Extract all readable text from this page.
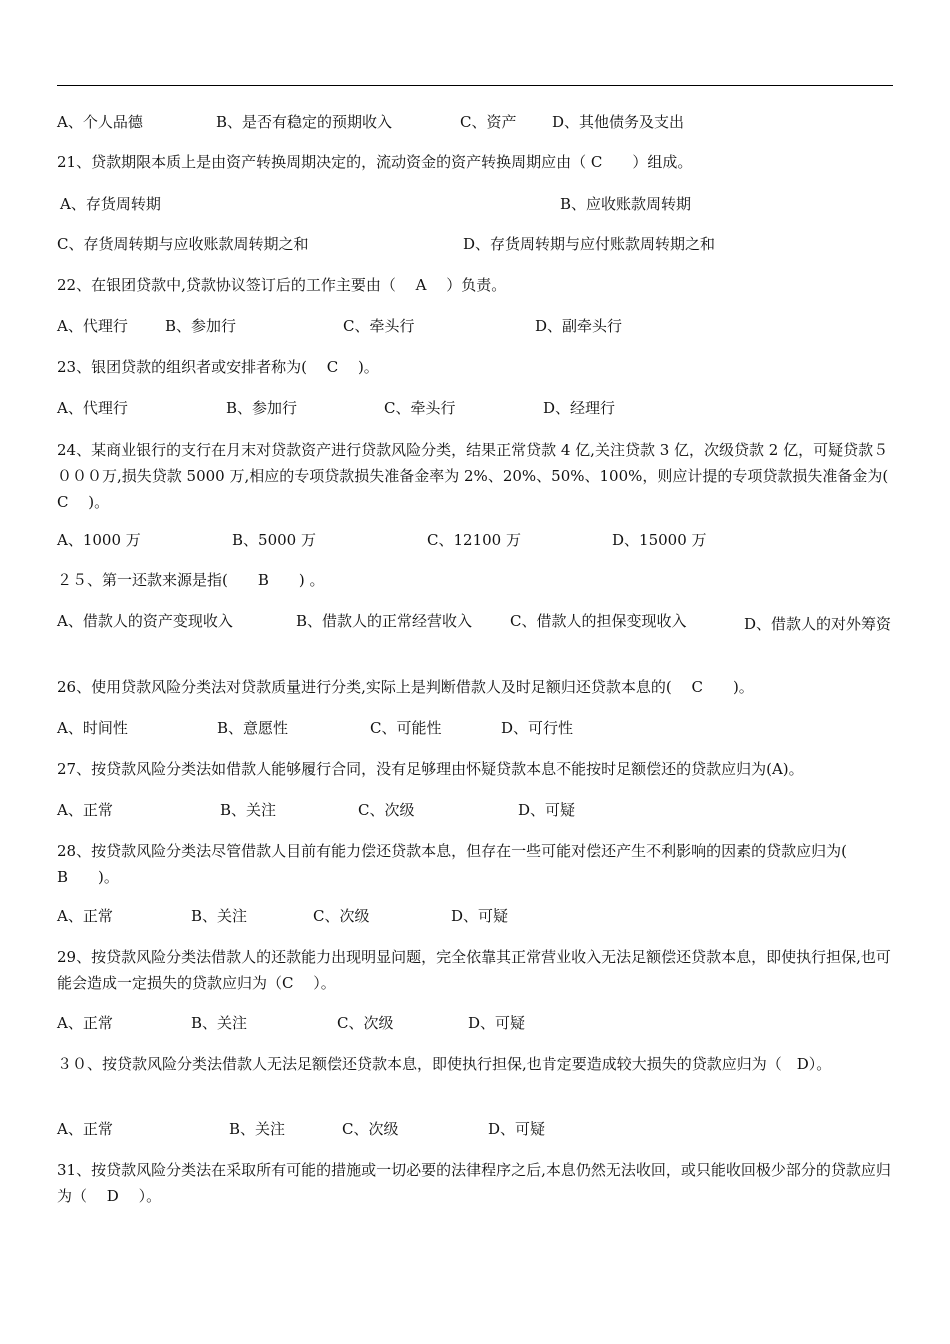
A、个人品德	B、是否有稳定的预期收入	C、资产 D、其他债务及支出
21、贷款期限本质上是由资产转换周期决定的，流动资金的资产转换周期应由（ C　　）组成。
A、存货周转期	B、应收账款周转期
C、存货周转期与应收账款周转期之和	D、存货周转期与应付账款周转期之和
22、在银团贷款中,贷款协议签订后的工作主要由（　 A　 ）负责。
A、代理行 B、参加行	C、牵头行	D、副牵头行
23、银团贷款的组织者或安排者称为(　 C　 )。
A、代理行	B、参加行	C、牵头行	D、经理行
24、某商业银行的支行在月末对贷款资产进行贷款风险分类，结果正常贷款 4 亿,关注贷款 3 亿，次级贷款 2 亿，可疑贷款５０００万,损失贷款 5000 万,相应的专项贷款损失准备金率为 2%、20%、50%、100%，则应计提的专项贷款损失准备金为(　 C　 )。
A、1000 万	B、5000 万	C、12100 万	D、15000 万
２５、第一还款来源是指(　　B　　) 。
A、借款人的资产变现收入	B、借款人的正常经营收入	C、借款人的担保变现收入	D、借款人的对外筹资
26、使用贷款风险分类法对贷款质量进行分类,实际上是判断借款人及时足额归还贷款本息的(　 C　　)。
A、时间性	B、意愿性	C、可能性	D、可行性
27、按贷款风险分类法如借款人能够履行合同，没有足够理由怀疑贷款本息不能按时足额偿还的贷款应归为(A)。
A、正常	B、关注	C、次级	D、可疑
28、按贷款风险分类法尽管借款人目前有能力偿还贷款本息，但存在一些可能对偿还产生不利影响的因素的贷款应归为(　 B　　)。
A、正常	B、关注	C、次级	D、可疑
29、按贷款风险分类法借款人的还款能力出现明显问题，完全依靠其正常营业收入无法足额偿还贷款本息，即使执行担保,也可能会造成一定损失的贷款应归为（C　 ）。
A、正常	B、关注	C、次级	D、可疑
３０、按贷款风险分类法借款人无法足额偿还贷款本息，即使执行担保,也肯定要造成较大损失的贷款应归为（　D）。
A、正常	B、关注	C、次级	D、可疑
31、按贷款风险分类法在采取所有可能的措施或一切必要的法律程序之后,本息仍然无法收回，或只能收回极少部分的贷款应归为（　 D　 ）。
